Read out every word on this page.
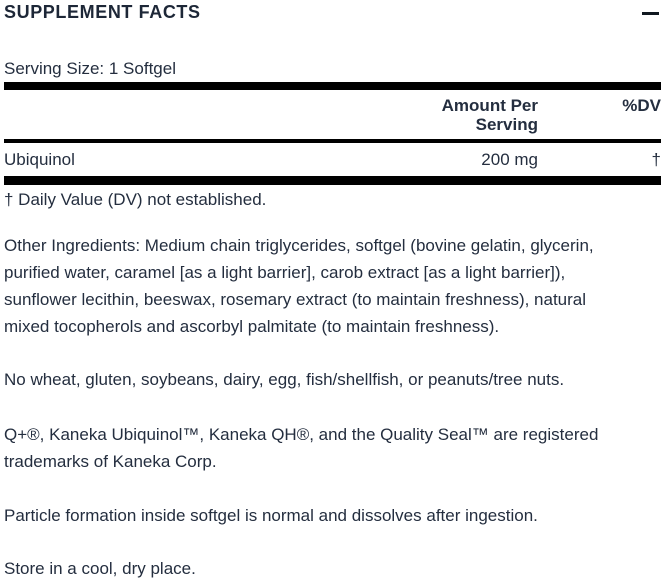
SUPPLEMENT FACTS
Serving Size: 1 Softgel
Amount Per Serving
%DV
Ubiquinol	200 mg	†

† Daily Value (DV) not established.

Other Ingredients: Medium chain triglycerides, softgel (bovine gelatin, glycerin,
purified water, caramel [as a light barrier], carob extract [as a light barrier]),
sunflower lecithin, beeswax, rosemary extract (to maintain freshness), natural
mixed tocopherols and ascorbyl palmitate (to maintain freshness).
No wheat, gluten, soybeans, dairy, egg, fish/shellfish, or peanuts/tree nuts.
Q+®, Kaneka Ubiquinol™, Kaneka QH®, and the Quality Seal™ are registered
trademarks of Kaneka Corp.
Particle formation inside softgel is normal and dissolves after ingestion.
Store in a cool, dry place.
